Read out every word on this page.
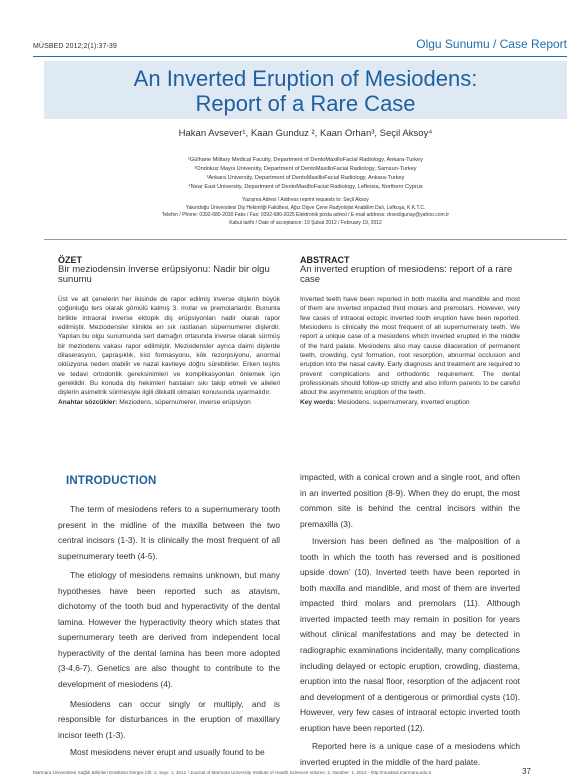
MÜSBED 2012;2(1):37-39	Olgu Sunumu / Case Report
An Inverted Eruption of Mesiodens:
Report of a Rare Case
Hakan Avsever¹, Kaan Gunduz ², Kaan Orhan³, Seçil Aksoy⁴
¹Gülhane Military Medical Faculty, Department of DentoMaxilloFacial Radiology, Ankara-Turkey
²Ondokuz Mayıs University, Department of DentoMaxilloFacial Radiology, Samsun-Turkey
³Ankara University, Department of DentoMaxilloFacial Radiology, Ankara-Turkey
⁴Near East University, Department of DentoMaxilloFacial Radiology, Lefkosia, Northern Cyprus
Yazışma Adresi / Address reprint requests to: Seçil Aksoy
Yakındoğu Üniversitesi Diş Hekimliği Fakültesi, Ağız Dişve Çene Radyolojisi Anabilim Dalı, Lefkoşa, K.K.T.C.
Telefon / Phone: 0392-680-2030 Faks / Fax: 0392-680-2025 Elektronik posta adresi / E-mail address: drsecilgunay@yahoo.com.tr
Kabul tarihi / Date of acceptance: 19 Şubat 2012 / February 19, 2012
ÖZET
Bir meziodensin inverse erüpsiyonu: Nadir bir olgu sunumu
Üst ve alt çenelerin her ikisinde de rapor edilmiş inverse dişlerin büyük çoğunluğu ters olarak gömülü kalmış 3. molar ve premolarlardır. Bununla birlikte intraoral inverse ektopik diş erüpsiyonları nadir olarak rapor edilmiştir. Meziodensler klinikte en sık rastlanan süpernumerer dişlerdir. Yapılan bu olgu sunumunda sert damağın ortasında inverse olarak sürmüş bir meziodens vakası rapor edilmiştir. Meziodensler ayrıca daimi dişlerde dilaserasyon, çapraşıklık, kist formasyonu, kök rezorpsiyonu, anormal oklüzyona neden olabilir ve nazal kaviteye doğru sürebilirler. Erken teşhis ve tedavi ortodontik gereksinimleri ve komplikasyonları önlemek için gereklidir. Bu konuda diş hekimleri hastaları sıkı takip etmeli ve aileleri dişlerin asimetrik sürmesiyle ilgili dikkatli olmaları konusunda uyarmalıdır.
Anahtar sözcükler: Meziodens, süpernumerer, inverse erüpsiyon
ABSTRACT
An inverted eruption of mesiodens: report of a rare case
Inverted teeth have been reported in both maxilla and mandible and most of them are inverted impacted third molars and premolars. However, very few cases of intraoral ectopic inverted tooth eruption have been reported. Mesiodens is clinically the most frequent of all supernumerary teeth. We report a unique case of a mesiodens which inverted erupted in the middle of the hard palate. Mesiodens also may cause dilaceration of permanent teeth, crowding, cyst formation, root resorption, abnormal occlusion and eruption into the nasal cavity. Early diagnosis and treatment are required to prevent complications and orthodontic requirement. The dental professionals should follow-up strictly and also inform parents to be careful about the asymmetric eruption of the teeth.
Key words: Mesiodens, supernumerary, inverted eruption
INTRODUCTION

The term of mesiodens refers to a supernumerary tooth present in the midline of the maxilla between the two central incisors (1-3). It is clinically the most frequent of all supernumerary teeth (4-5).

The etiology of mesiodens remains unknown, but many hypotheses have been reported such as atavism, dichotomy of the tooth bud and hyperactivity of the dental lamina. However the hyperactivity theory which states that supernumerary teeth are derived from independent local hyperactivity of the dental lamina has been more adopted (3-4,6-7). Genetics are also thought to contribute to the development of mesiodens (4).

Mesiodens can occur singly or multiply, and is responsible for disturbances in the eruption of maxillary incisor teeth (1-3).

Most mesiodens never erupt and usually found to be

impacted, with a conical crown and a single root, and often in an inverted position (8-9). When they do erupt, the most common site is behind the central incisors within the premaxilla (3).

Inversion has been defined as ‘the malposition of a tooth in which the tooth has reversed and is positioned upside down’ (10). Inverted teeth have been reported in both maxilla and mandible, and most of them are inverted impacted third molars and premolars (11). Although inverted impacted teeth may remain in position for years without clinical manifestations and may be detected in radiographic examinations incidentally, many complications including delayed or ectopic eruption, crowding, diastema, eruption into the nasal floor, resorption of the adjacent root and development of a dentigerous or primordial cysts (10). However, very few cases of intraoral ectopic inverted tooth eruption have been reported (12).

Reported here is a unique case of a mesiodens which inverted erupted in the middle of the hard palate.

Marmara Üniversitesi Sağlık Bilimleri Enstitüsü Dergisi Cilt: 2, Sayı: 1, 2012 / Journal of Marmara University Institute of Health Sciences Volume: 2, Number: 1, 2012 - http://musbed.marmara.edu.tr	37
